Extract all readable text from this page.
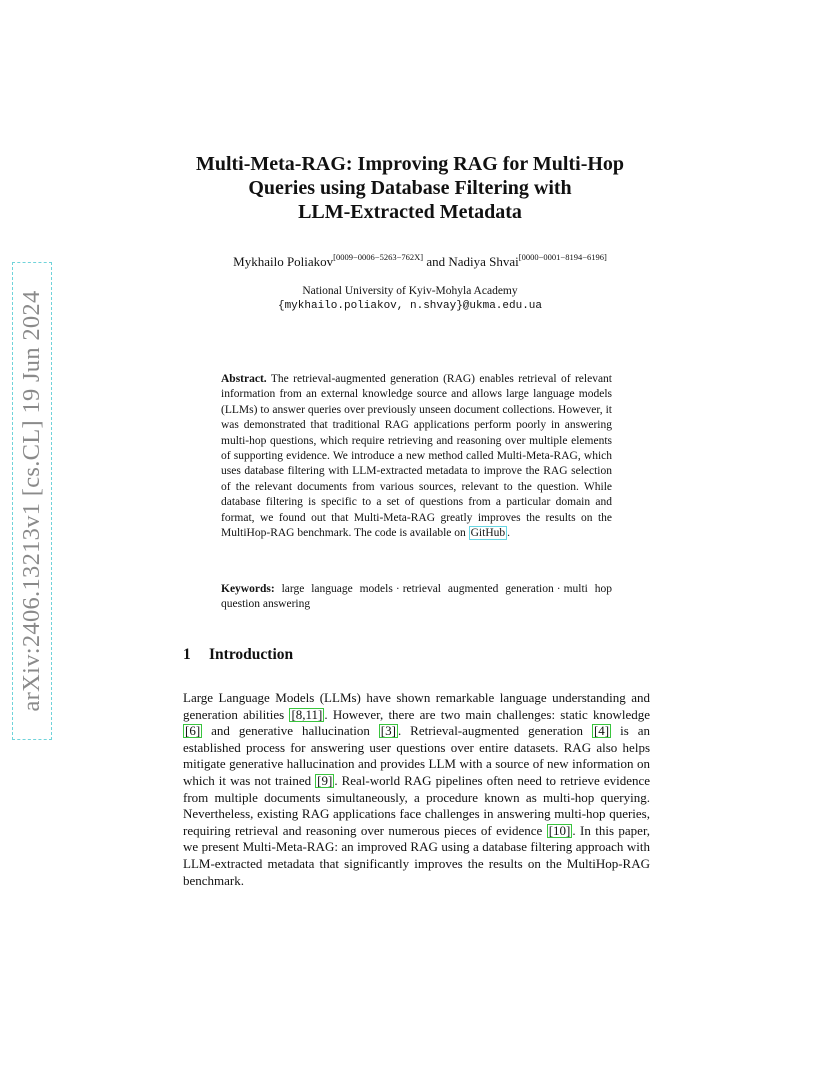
arXiv:2406.13213v1 [cs.CL] 19 Jun 2024
Multi-Meta-RAG: Improving RAG for Multi-Hop
Queries using Database Filtering with
LLM-Extracted Metadata
Mykhailo Poliakov[0009−0006−5263−762X] and Nadiya Shvai[0000−0001−8194−6196]
National University of Kyiv-Mohyla Academy
{mykhailo.poliakov, n.shvay}@ukma.edu.ua

Abstract. The retrieval-augmented generation (RAG) enables retrieval of relevant information from an external knowledge source and allows large language models (LLMs) to answer queries over previously unseen document collections. However, it was demonstrated that traditional RAG applications perform poorly in answering multi-hop questions, which require retrieving and reasoning over multiple elements of supporting evidence. We introduce a new method called Multi-Meta-RAG, which uses database filtering with LLM-extracted metadata to improve the RAG selection of the relevant documents from various sources, relevant to the question. While database filtering is specific to a set of questions from a particular domain and format, we found out that Multi-Meta-RAG greatly improves the results on the MultiHop-RAG benchmark. The code is available on GitHub .

Keywords: large language models · retrieval augmented generation · multi hop question answering
1 Introduction

Large Language Models (LLMs) have shown remarkable language understanding and generation abilities [8,11] . However, there are two main challenges: static knowledge [6] and generative hallucination [3] . Retrieval-augmented generation [4] is an established process for answering user questions over entire datasets. RAG also helps mitigate generative hallucination and provides LLM with a source of new information on which it was not trained [9] . Real-world RAG pipelines often need to retrieve evidence from multiple documents simultaneously, a procedure known as multi-hop querying. Nevertheless, existing RAG applications face challenges in answering multi-hop queries, requiring retrieval and reasoning over numerous pieces of evidence [10] . In this paper, we present Multi-Meta-RAG: an improved RAG using a database filtering approach with LLM-extracted metadata that significantly improves the results on the MultiHop-RAG benchmark.
